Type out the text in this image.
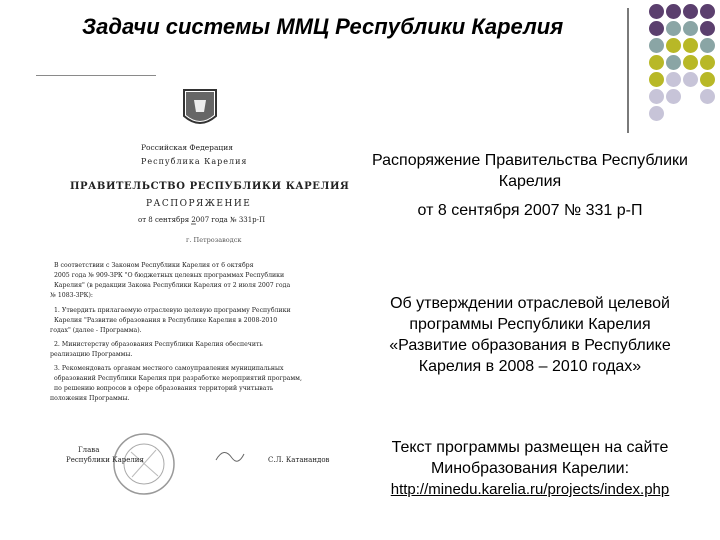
Задачи системы ММЦ Республики Карелия
Российская Федерация
Республика Карелия
ПРАВИТЕЛЬСТВО РЕСПУБЛИКИ КАРЕЛИЯ
РАСПОРЯЖЕНИЕ
от 8 сентября 2007 года № 331р-П
г. Петрозаводск
В соответствии с Законом Республики Карелия от 6 октября
2005 года № 909-ЗРК "О бюджетных целевых программах Республики
Карелия" (в редакции Закона Республики Карелия от 2 июля 2007 года
№ 1083-ЗРК):
1. Утвердить прилагаемую отраслевую целевую программу Республики
Карелия "Развитие образования в Республике Карелия в 2008-2010
годах" (далее - Программа).
2. Министерству образования Республики Карелия обеспечить
реализацию Программы.
3. Рекомендовать органам местного самоуправления муниципальных
образований Республики Карелия при разработке мероприятий программ,
по решению вопросов в сфере образования территорий учитывать
положения Программы.
Глава
Республики Карелия	С.Л. Катанандов
Распоряжение Правительства Республики Карелия
от 8 сентября 2007 № 331 р-П
Об утверждении отраслевой целевой программы Республики Карелия «Развитие образования в Республике Карелия в 2008 – 2010 годах»
Текст программы размещен на сайте Минобразования Карелии:
http://minedu.karelia.ru/projects/index.php
